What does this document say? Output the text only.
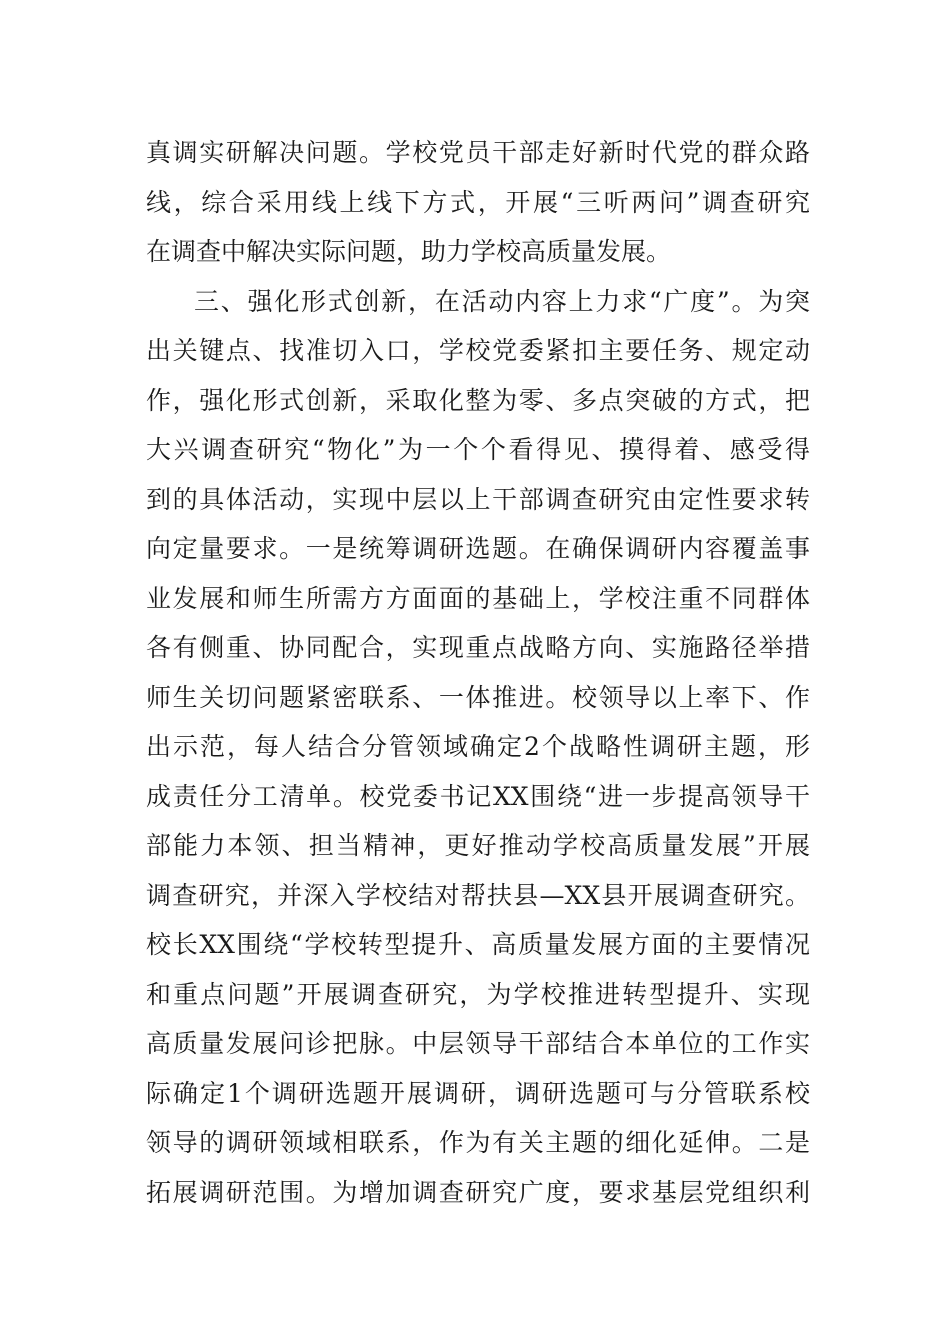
真调实研解决问题。学校党员干部走好新时代党的群众路
线，综合采用线上线下方式，开展“三听两问”调查研究
在调查中解决实际问题，助力学校高质量发展。
三、强化形式创新，在活动内容上力求“广度”。为突
出关键点、找准切入口，学校党委紧扣主要任务、规定动
作，强化形式创新，采取化整为零、多点突破的方式，把
大兴调查研究“物化”为一个个看得见、摸得着、感受得
到的具体活动，实现中层以上干部调查研究由定性要求转
向定量要求。一是统筹调研选题。在确保调研内容覆盖事
业发展和师生所需方方面面的基础上，学校注重不同群体
各有侧重、协同配合，实现重点战略方向、实施路径举措
师生关切问题紧密联系、一体推进。校领导以上率下、作
出示范，每人结合分管领域确定2个战略性调研主题，形
成责任分工清单。校党委书记XX围绕“进一步提高领导干
部能力本领、担当精神，更好推动学校高质量发展”开展
调查研究，并深入学校结对帮扶县—XX县开展调查研究。
校长XX围绕“学校转型提升、高质量发展方面的主要情况
和重点问题”开展调查研究，为学校推进转型提升、实现
高质量发展问诊把脉。中层领导干部结合本单位的工作实
际确定1个调研选题开展调研，调研选题可与分管联系校
领导的调研领域相联系，作为有关主题的细化延伸。二是
拓展调研范围。为增加调查研究广度，要求基层党组织利
